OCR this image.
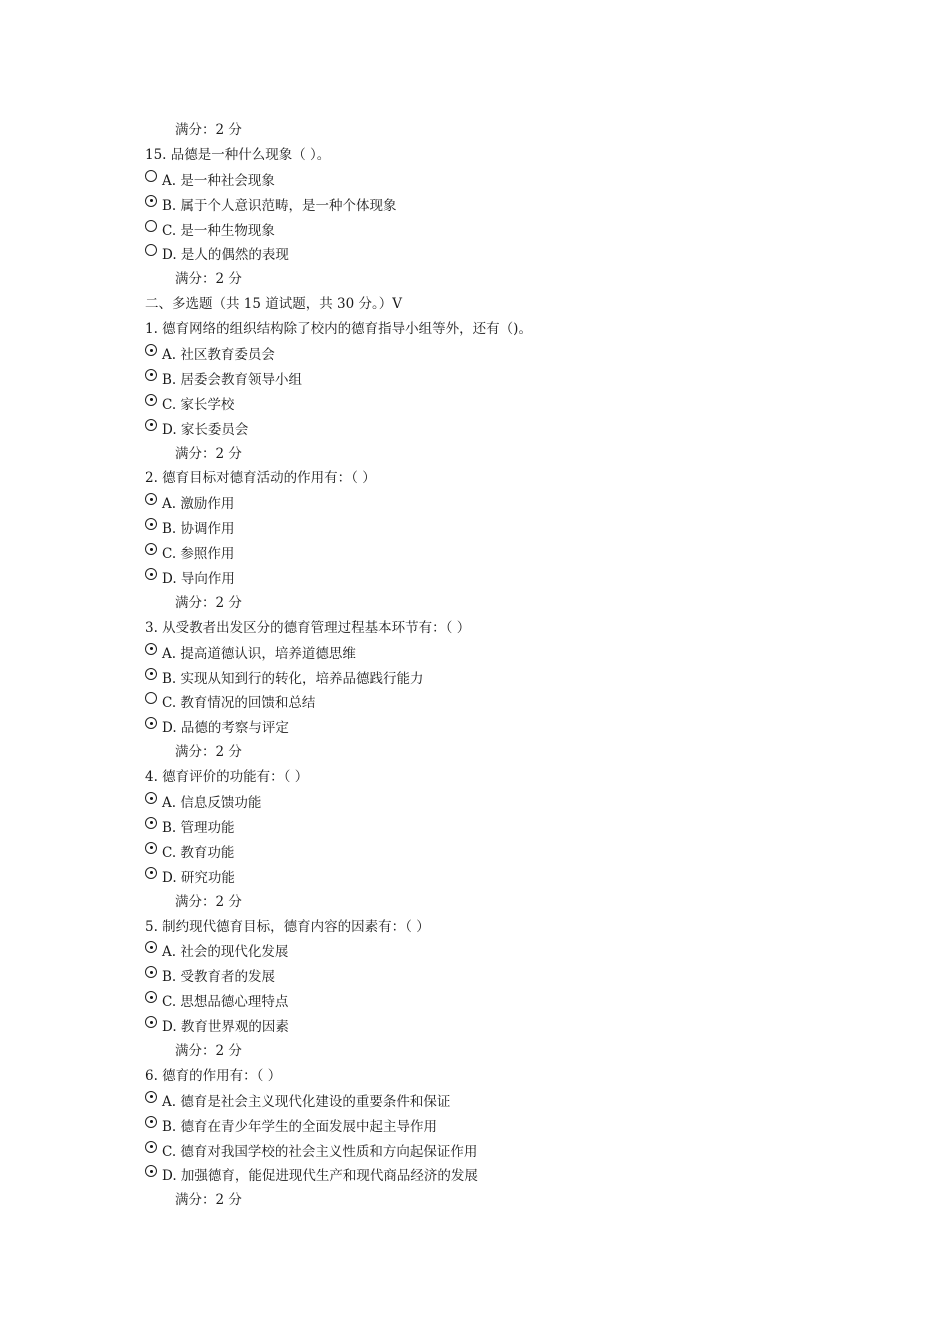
满分：2 分
15. 品德是一种什么现象（ ）。
A. 是一种社会现象
B. 属于个人意识范畴，是一种个体现象
C. 是一种生物现象
D. 是人的偶然的表现
满分：2 分
二、多选题（共 15 道试题，共 30 分。）V
1. 德育网络的组织结构除了校内的德育指导小组等外，还有（)。
A. 社区教育委员会
B. 居委会教育领导小组
C. 家长学校
D. 家长委员会
满分：2 分
2. 德育目标对德育活动的作用有：（ ）
A. 激励作用
B. 协调作用
C. 参照作用
D. 导向作用
满分：2 分
3. 从受教者出发区分的德育管理过程基本环节有：（ ）
A. 提高道德认识，培养道德思维
B. 实现从知到行的转化，培养品德践行能力
C. 教育情况的回馈和总结
D. 品德的考察与评定
满分：2 分
4. 德育评价的功能有：（ ）
A. 信息反馈功能
B. 管理功能
C. 教育功能
D. 研究功能
满分：2 分
5. 制约现代德育目标，德育内容的因素有：（ ）
A. 社会的现代化发展
B. 受教育者的发展
C. 思想品德心理特点
D. 教育世界观的因素
满分：2 分
6. 德育的作用有：（ ）
A. 德育是社会主义现代化建设的重要条件和保证
B. 德育在青少年学生的全面发展中起主导作用
C. 德育对我国学校的社会主义性质和方向起保证作用
D. 加强德育，能促进现代生产和现代商品经济的发展
满分：2 分
